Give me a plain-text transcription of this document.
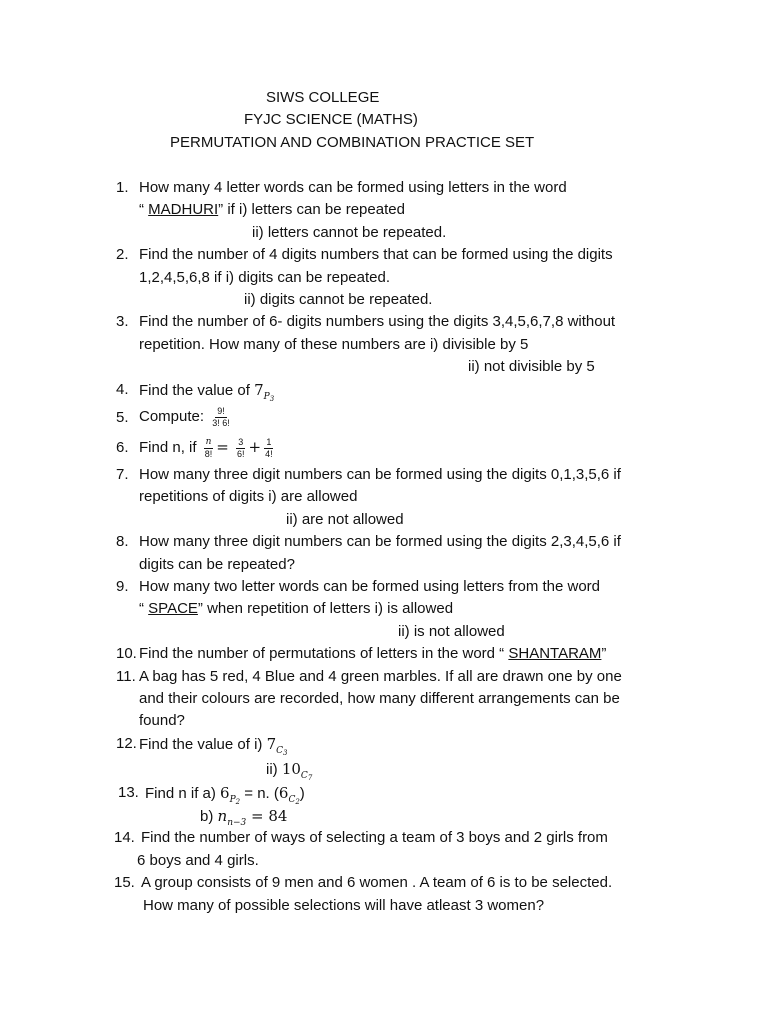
SIWS COLLEGE
FYJC SCIENCE (MATHS)
PERMUTATION AND COMBINATION PRACTICE SET
1. How many 4 letter words can be formed using letters in the word
“ MADHURI” if i) letters can be repeated
ii) letters cannot be repeated.
2. Find the number of 4 digits numbers that can be formed using the digits
1,2,4,5,6,8 if i) digits can be repeated.
ii) digits cannot be repeated.
3. Find the number of 6- digits numbers using the digits 3,4,5,6,7,8 without
repetition. How many of these numbers are i) divisible by 5
ii) not divisible by 5
4. Find the value of $7_{P_3}$
5. Compute: $\frac{9!}{3! 6!}$
6. Find n, if $\frac{n}{8!} = \frac{3}{6!} + \frac{1}{4!}$
7. How many three digit numbers can be formed using the digits 0,1,3,5,6 if
repetitions of digits i) are allowed
ii) are not allowed
8. How many three digit numbers can be formed using the digits 2,3,4,5,6 if
digits can be repeated?
9. How many two letter words can be formed using letters from the word
“ SPACE” when repetition of letters i) is allowed
ii) is not allowed
10. Find the number of permutations of letters in the word “ SHANTARAM”
11. A bag has 5 red, 4 Blue and 4 green marbles. If all are drawn one by one
and their colours are recorded, how many different arrangements can be
found?
12. Find the value of i) $7_{C_3}$
ii) $10_{C_7}$
13. Find n if a) $6_{P_2} = n$. $(6_{C_2})$
b) $n_{n-3} = 84$
14. Find the number of ways of selecting a team of 3 boys and 2 girls from
6 boys and 4 girls.
15. A group consists of 9 men and 6 women . A team of 6 is to be selected.
How many of possible selections will have atleast 3 women?
